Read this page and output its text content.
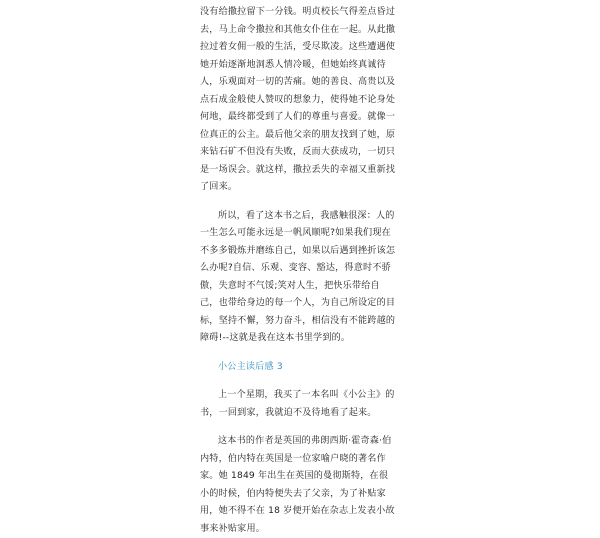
没有给撒拉留下一分钱。明贞校长气得差点昏过去，马上命令撒拉和其他女仆住在一起。从此撒拉过着女佣一般的生活，受尽欺凌。这些遭遇使她开始逐渐地洞悉人情冷暖，但她始终真诚待人，乐观面对一切的苦痛。她的善良、高贵以及点石成金般使人赞叹的想象力，使得她不论身处何地，最终都受到了人们的尊重与喜爱。就像一位真正的公主。最后他父亲的朋友找到了她，原来钻石矿不但没有失败，反而大获成功，一切只是一场误会。就这样，撒拉丢失的幸福又重新找了回来。

所以，看了这本书之后，我感触很深：人的一生怎么可能永远是一帆风顺呢?如果我们现在不多多锻炼并磨练自己，如果以后遇到挫折该怎么办呢?自信、乐观、变容、豁达，得意时不骄傲，失意时不气馁;笑对人生，把快乐带给自己，也带给身边的每一个人，为自己所设定的目标，坚持不懈，努力奋斗，相信没有不能跨越的障碍!--这就是我在这本书里学到的。

小公主读后感 3

上一个星期，我买了一本名叫《小公主》的书，一回到家，我就迫不及待地看了起来。

这本书的作者是英国的弗朗西斯·霍奇森·伯内特，伯内特在英国是一位家喻户晓的著名作家。她 1849 年出生在英国的曼彻斯特，在很小的时候，伯内特便失去了父亲，为了补贴家用，她不得不在 18 岁便开始在杂志上发表小故事来补贴家用。
